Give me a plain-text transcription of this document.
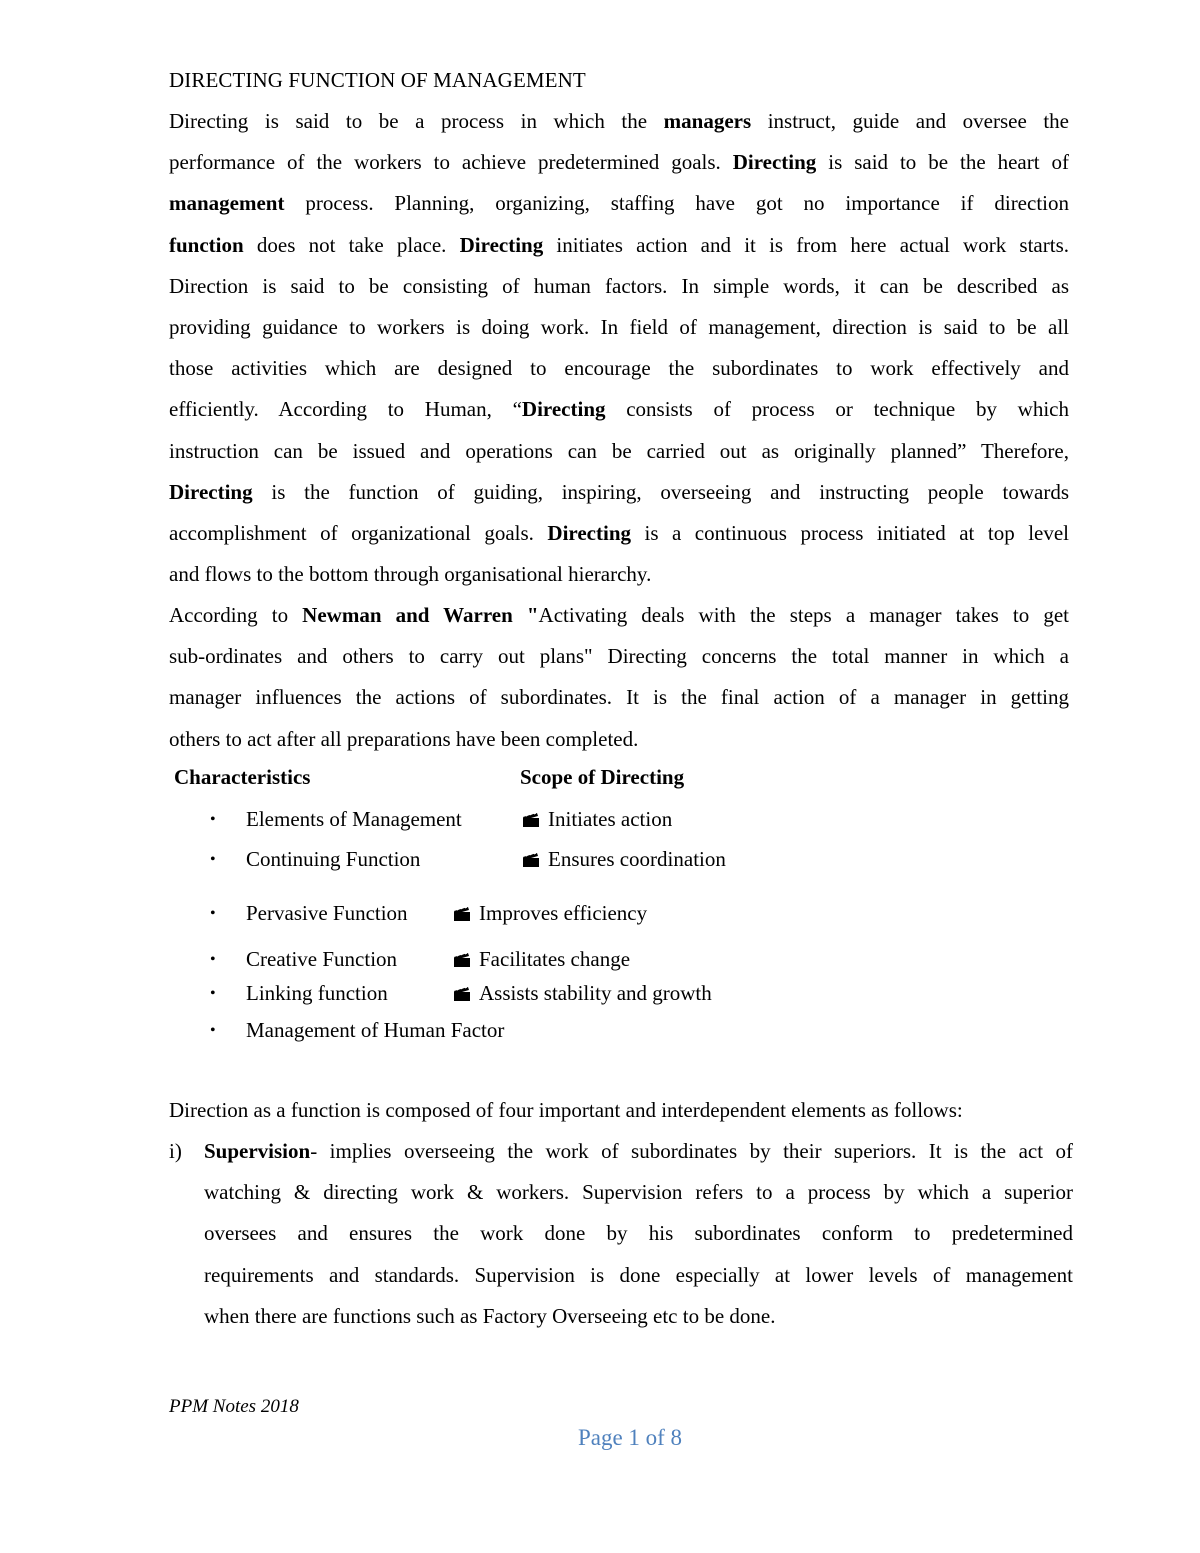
DIRECTING FUNCTION OF MANAGEMENT
Directing is said to be a process in which the managers instruct, guide and oversee the
performance of the workers to achieve predetermined goals. Directing is said to be the heart of
management process. Planning, organizing, staffing have got no importance if direction
function does not take place. Directing initiates action and it is from here actual work starts.
Direction is said to be consisting of human factors. In simple words, it can be described as
providing guidance to workers is doing work. In field of management, direction is said to be all
those activities which are designed to encourage the subordinates to work effectively and
efficiently. According to Human, “Directing consists of process or technique by which
instruction can be issued and operations can be carried out as originally planned” Therefore,
Directing is the function of guiding, inspiring, overseeing and instructing people towards
accomplishment of organizational goals. Directing is a continuous process initiated at top level
and flows to the bottom through organisational hierarchy.
According to Newman and Warren "Activating deals with the steps a manager takes to get
sub-ordinates and others to carry out plans" Directing concerns the total manner in which a
manager influences the actions of subordinates. It is the final action of a manager in getting
others to act after all preparations have been completed.
Characteristics	Scope of Directing
• Elements of Management
• Continuing Function
• Pervasive Function
• Creative Function
• Linking function
• Management of Human Factor
Initiates action
Ensures coordination
Improves efficiency
Facilitates change
Assists stability and growth
Direction as a function is composed of four important and interdependent elements as follows:
i) Supervision- implies overseeing the work of subordinates by their superiors. It is the act of
watching & directing work & workers. Supervision refers to a process by which a superior
oversees and ensures the work done by his subordinates conform to predetermined
requirements and standards. Supervision is done especially at lower levels of management
when there are functions such as Factory Overseeing etc to be done.
PPM Notes 2018
Page 1 of 8
